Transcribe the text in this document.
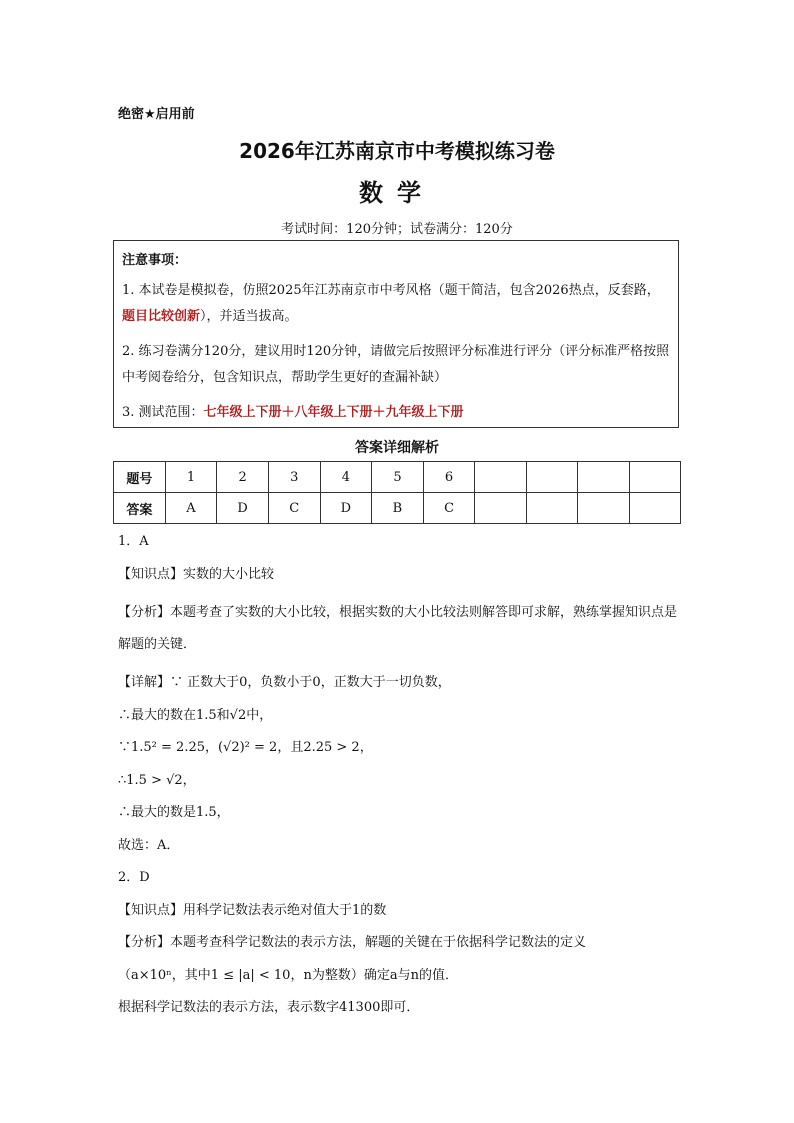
绝密★启用前
2026年江苏南京市中考模拟练习卷
数学
考试时间：120分钟；试卷满分：120分
注意事项：

1. 本试卷是模拟卷，仿照2025年江苏南京市中考风格（题干简洁，包含2026热点，反套路，题目比较创新），并适当拔高。

2. 练习卷满分120分，建议用时120分钟，请做完后按照评分标准进行评分（评分标准严格按照中考阅卷给分，包含知识点，帮助学生更好的查漏补缺）

3. 测试范围：七年级上下册＋八年级上下册＋九年级上下册

答案详细解析
题号	1	2	3	4	5	6				
答案	A	D	C	D	B	C				
1．A
【知识点】实数的大小比较
【分析】本题考查了实数的大小比较，根据实数的大小比较法则解答即可求解，熟练掌握知识点是解题的关键．
【详解】∵ 正数大于0，负数小于0，正数大于一切负数，
∴最大的数在1.5和√2中，
∵1.5² = 2.25，(√2)² = 2，且2.25 > 2，
∴1.5 > √2，
∴最大的数是1.5，
故选：A．
2．D
【知识点】用科学记数法表示绝对值大于1的数
【分析】本题考查科学记数法的表示方法，解题的关键在于依据科学记数法的定义
（a×10ⁿ，其中1 ≤ |a| < 10，n为整数）确定a与n的值．
根据科学记数法的表示方法，表示数字41300即可．
